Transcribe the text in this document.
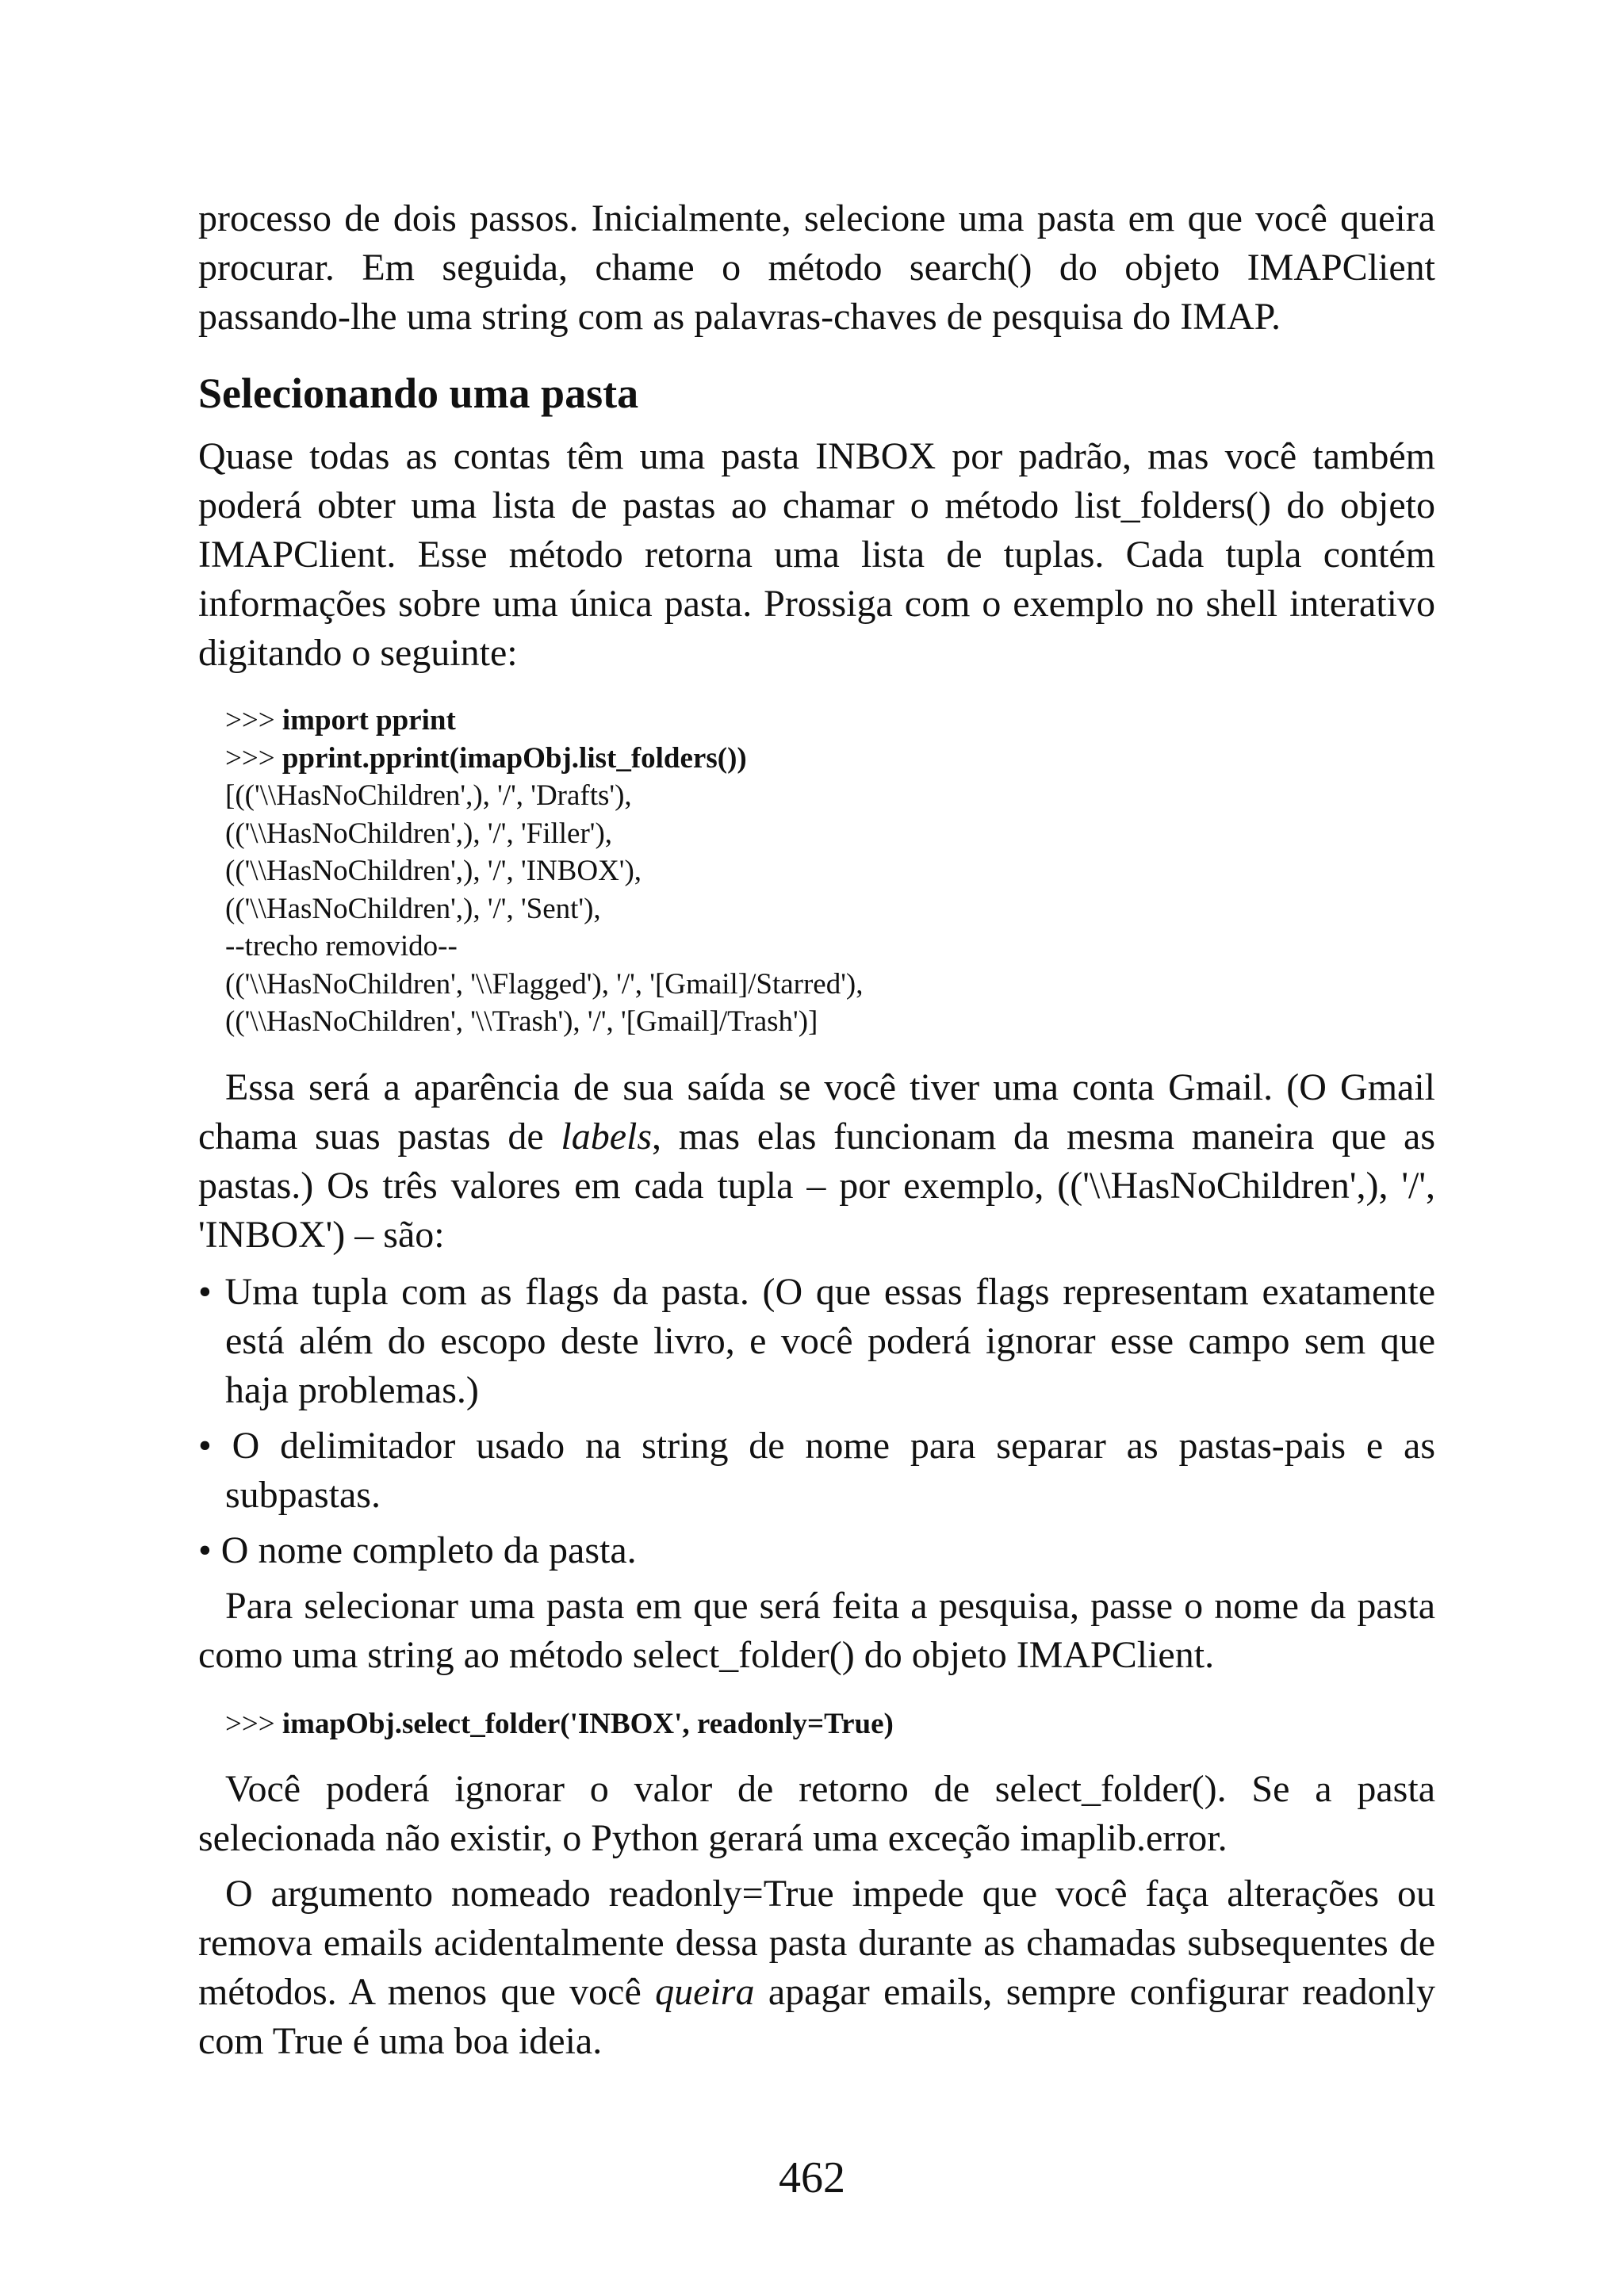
processo de dois passos. Inicialmente, selecione uma pasta em que você queira procurar. Em seguida, chame o método search() do objeto IMAPClient passando-lhe uma string com as palavras-chaves de pesquisa do IMAP.

Selecionando uma pasta

Quase todas as contas têm uma pasta INBOX por padrão, mas você também poderá obter uma lista de pastas ao chamar o método list_folders() do objeto IMAPClient. Esse método retorna uma lista de tuplas. Cada tupla contém informações sobre uma única pasta. Prossiga com o exemplo no shell interativo digitando o seguinte:

>>> import pprint
>>> pprint.pprint(imapObj.list_folders())
[(('\\HasNoChildren',), '/', 'Drafts'),
(('\\HasNoChildren',), '/', 'Filler'),
(('\\HasNoChildren',), '/', 'INBOX'),
(('\\HasNoChildren',), '/', 'Sent'),
--trecho removido--
(('\\HasNoChildren', '\\Flagged'), '/', '[Gmail]/Starred'),
(('\\HasNoChildren', '\\Trash'), '/', '[Gmail]/Trash')]

Essa será a aparência de sua saída se você tiver uma conta Gmail. (O Gmail chama suas pastas de labels, mas elas funcionam da mesma maneira que as pastas.) Os três valores em cada tupla – por exemplo, (('\\HasNoChildren',), '/', 'INBOX') – são:

• Uma tupla com as flags da pasta. (O que essas flags representam exatamente está além do escopo deste livro, e você poderá ignorar esse campo sem que haja problemas.)
• O delimitador usado na string de nome para separar as pastas-pais e as subpastas.
• O nome completo da pasta.

Para selecionar uma pasta em que será feita a pesquisa, passe o nome da pasta como uma string ao método select_folder() do objeto IMAPClient.

>>> imapObj.select_folder('INBOX', readonly=True)

Você poderá ignorar o valor de retorno de select_folder(). Se a pasta selecionada não existir, o Python gerará uma exceção imaplib.error.

O argumento nomeado readonly=True impede que você faça alterações ou remova emails acidentalmente dessa pasta durante as chamadas subsequentes de métodos. A menos que você queira apagar emails, sempre configurar readonly com True é uma boa ideia.

462
